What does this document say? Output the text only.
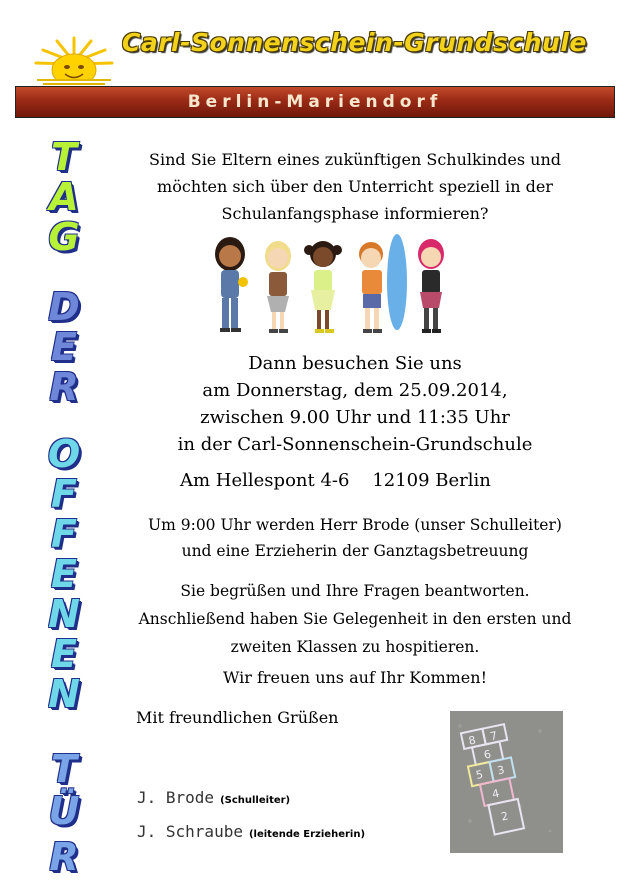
Carl-Sonnenschein-Grundschule
Berlin-Mariendorf
T
A
G
D
E
R
O
F
F
E
N
E
N
T
Ü
R
Sind Sie Eltern eines zukünftigen Schulkindes und
möchten sich über den Unterricht speziell in der
Schulanfangsphase informieren?
Dann besuchen Sie uns
am Donnerstag, dem 25.09.2014,
zwischen 9.00 Uhr und 11:35 Uhr
in der Carl-Sonnenschein-Grundschule
Am Hellespont 4-6    12109 Berlin
Um 9:00 Uhr werden Herr Brode (unser Schulleiter)
und eine Erzieherin der Ganztagsbetreuung
Sie begrüßen und Ihre Fragen beantworten.
Anschließend haben Sie Gelegenheit in den ersten und
zweiten Klassen zu hospitieren.
Wir freuen uns auf Ihr Kommen!
Mit freundlichen Grüßen
J. Brode (Schulleiter)
J. Schraube (leitende Erzieherin)
8 7
6
5 3
4
2
